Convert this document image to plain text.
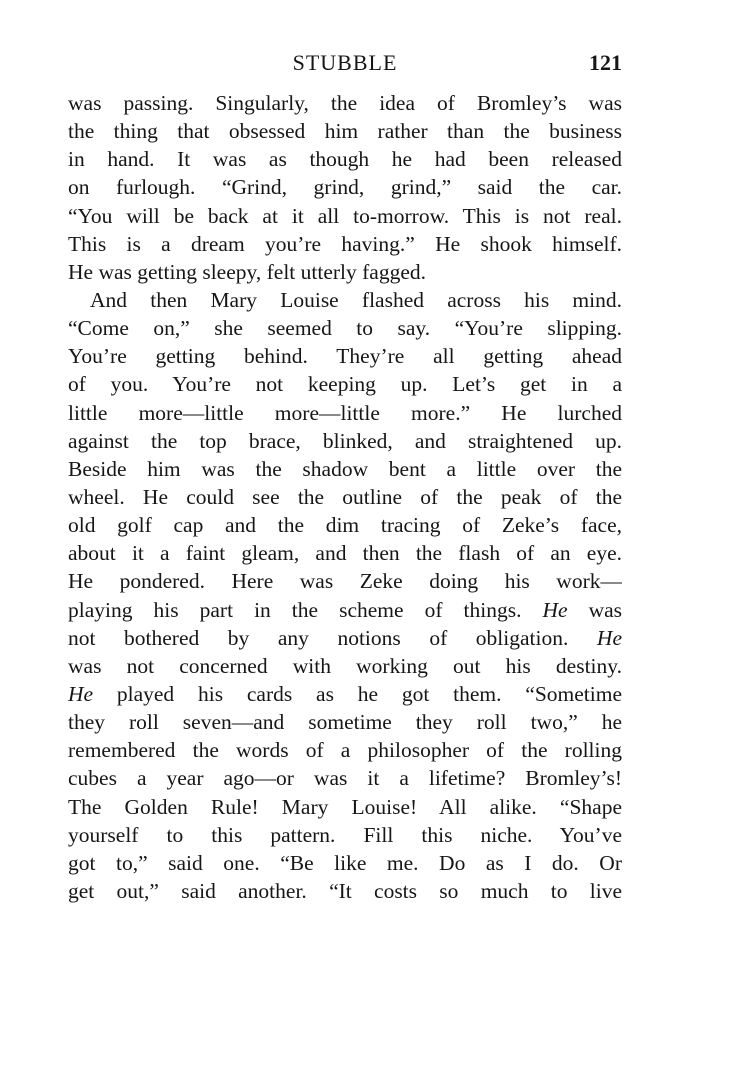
STUBBLE	121
was passing. Singularly, the idea of Bromley’s was
the thing that obsessed him rather than the business
in hand. It was as though he had been released
on furlough. “Grind, grind, grind,” said the car.
“You will be back at it all to-morrow. This is not real.
This is a dream you’re having.” He shook himself.
He was getting sleepy, felt utterly fagged.
And then Mary Louise flashed across his mind.
“Come on,” she seemed to say. “You’re slipping.
You’re getting behind. They’re all getting ahead
of you. You’re not keeping up. Let’s get in a
little more—little more—little more.” He lurched
against the top brace, blinked, and straightened up.
Beside him was the shadow bent a little over the
wheel. He could see the outline of the peak of the
old golf cap and the dim tracing of Zeke’s face,
about it a faint gleam, and then the flash of an eye.
He pondered. Here was Zeke doing his work—
playing his part in the scheme of things. He was
not bothered by any notions of obligation. He
was not concerned with working out his destiny.
He played his cards as he got them. “Sometime
they roll seven—and sometime they roll two,” he
remembered the words of a philosopher of the rolling
cubes a year ago—or was it a lifetime? Bromley’s!
The Golden Rule! Mary Louise! All alike. “Shape
yourself to this pattern. Fill this niche. You’ve
got to,” said one. “Be like me. Do as I do. Or
get out,” said another. “It costs so much to live
